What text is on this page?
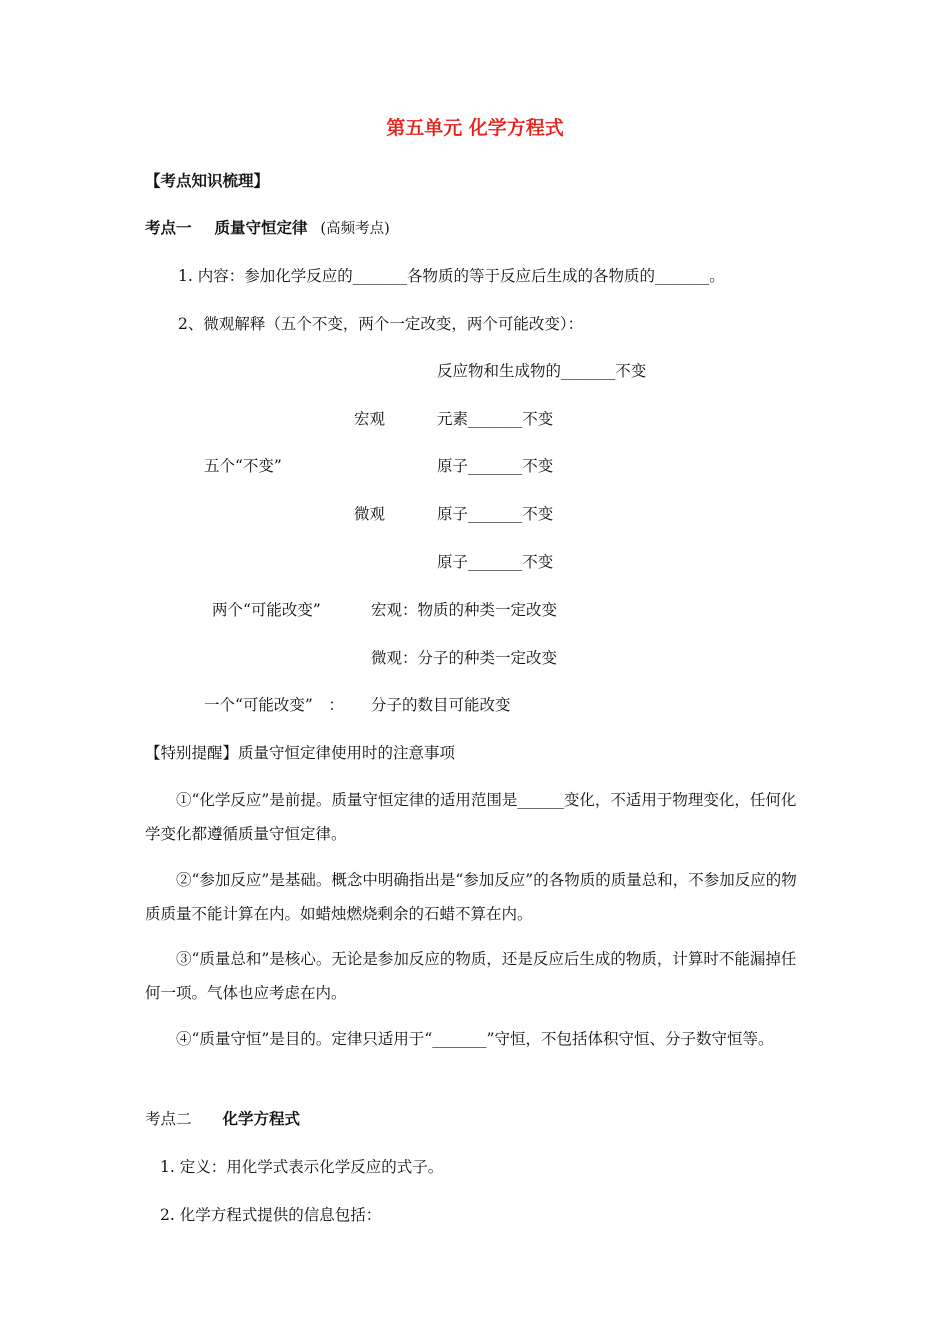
第五单元 化学方程式
【考点知识梳理】
考点一 质量守恒定律 (高频考点)
1. 内容：参加化学反应的_______各物质的等于反应后生成的各物质的_______。
2、微观解释（五个不变，两个一定改变，两个可能改变）：
反应物和生成物的_______不变
宏观	元素_______不变
五个“不变”	原子_______不变
微观	原子_______不变
原子_______不变
两个“可能改变”	宏观：物质的种类一定改变
微观：分子的种类一定改变
一个“可能改变”　： 分子的数目可能改变
【特别提醒】质量守恒定律使用时的注意事项
①“化学反应”是前提。质量守恒定律的适用范围是______变化，不适用于物理变化，任何化学变化都遵循质量守恒定律。
②“参加反应”是基础。概念中明确指出是“参加反应”的各物质的质量总和，不参加反应的物质质量不能计算在内。如蜡烛燃烧剩余的石蜡不算在内。
③“质量总和”是核心。无论是参加反应的物质，还是反应后生成的物质，计算时不能漏掉任何一项。气体也应考虑在内。
④“质量守恒”是目的。定律只适用于“_______”守恒，不包括体积守恒、分子数守恒等。
考点二 化学方程式
1. 定义：用化学式表示化学反应的式子。
2. 化学方程式提供的信息包括：
